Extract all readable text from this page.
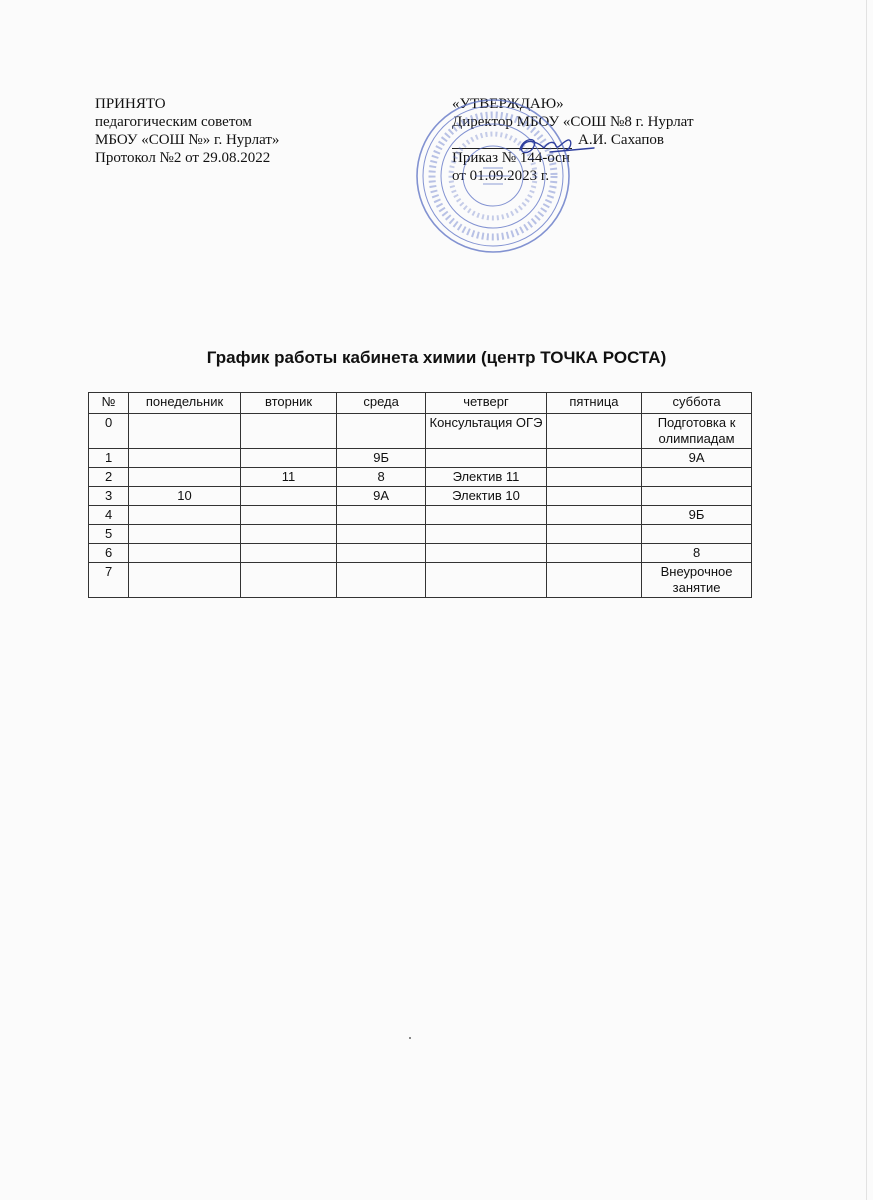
ПРИНЯТО
педагогическим советом
МБОУ «СОШ №» г. Нурлат»
Протокол №2 от 29.08.2022
«УТВЕРЖДАЮ»
Директор МБОУ «СОШ №8 г. Нурлат
А.И. Сахапов
Приказ № 144-осн
от 01.09.2023 г.
График работы кабинета химии (центр ТОЧКА РОСТА)
№	понедельник	вторник	среда	четверг	пятница	суббота
0				Консультация ОГЭ		Подготовка к олимпиадам
1			9Б			9А
2		11	8	Электив 11		
3	10		9А	Электив 10		
4						9Б
5						
6						8
7						Внеурочное занятие
